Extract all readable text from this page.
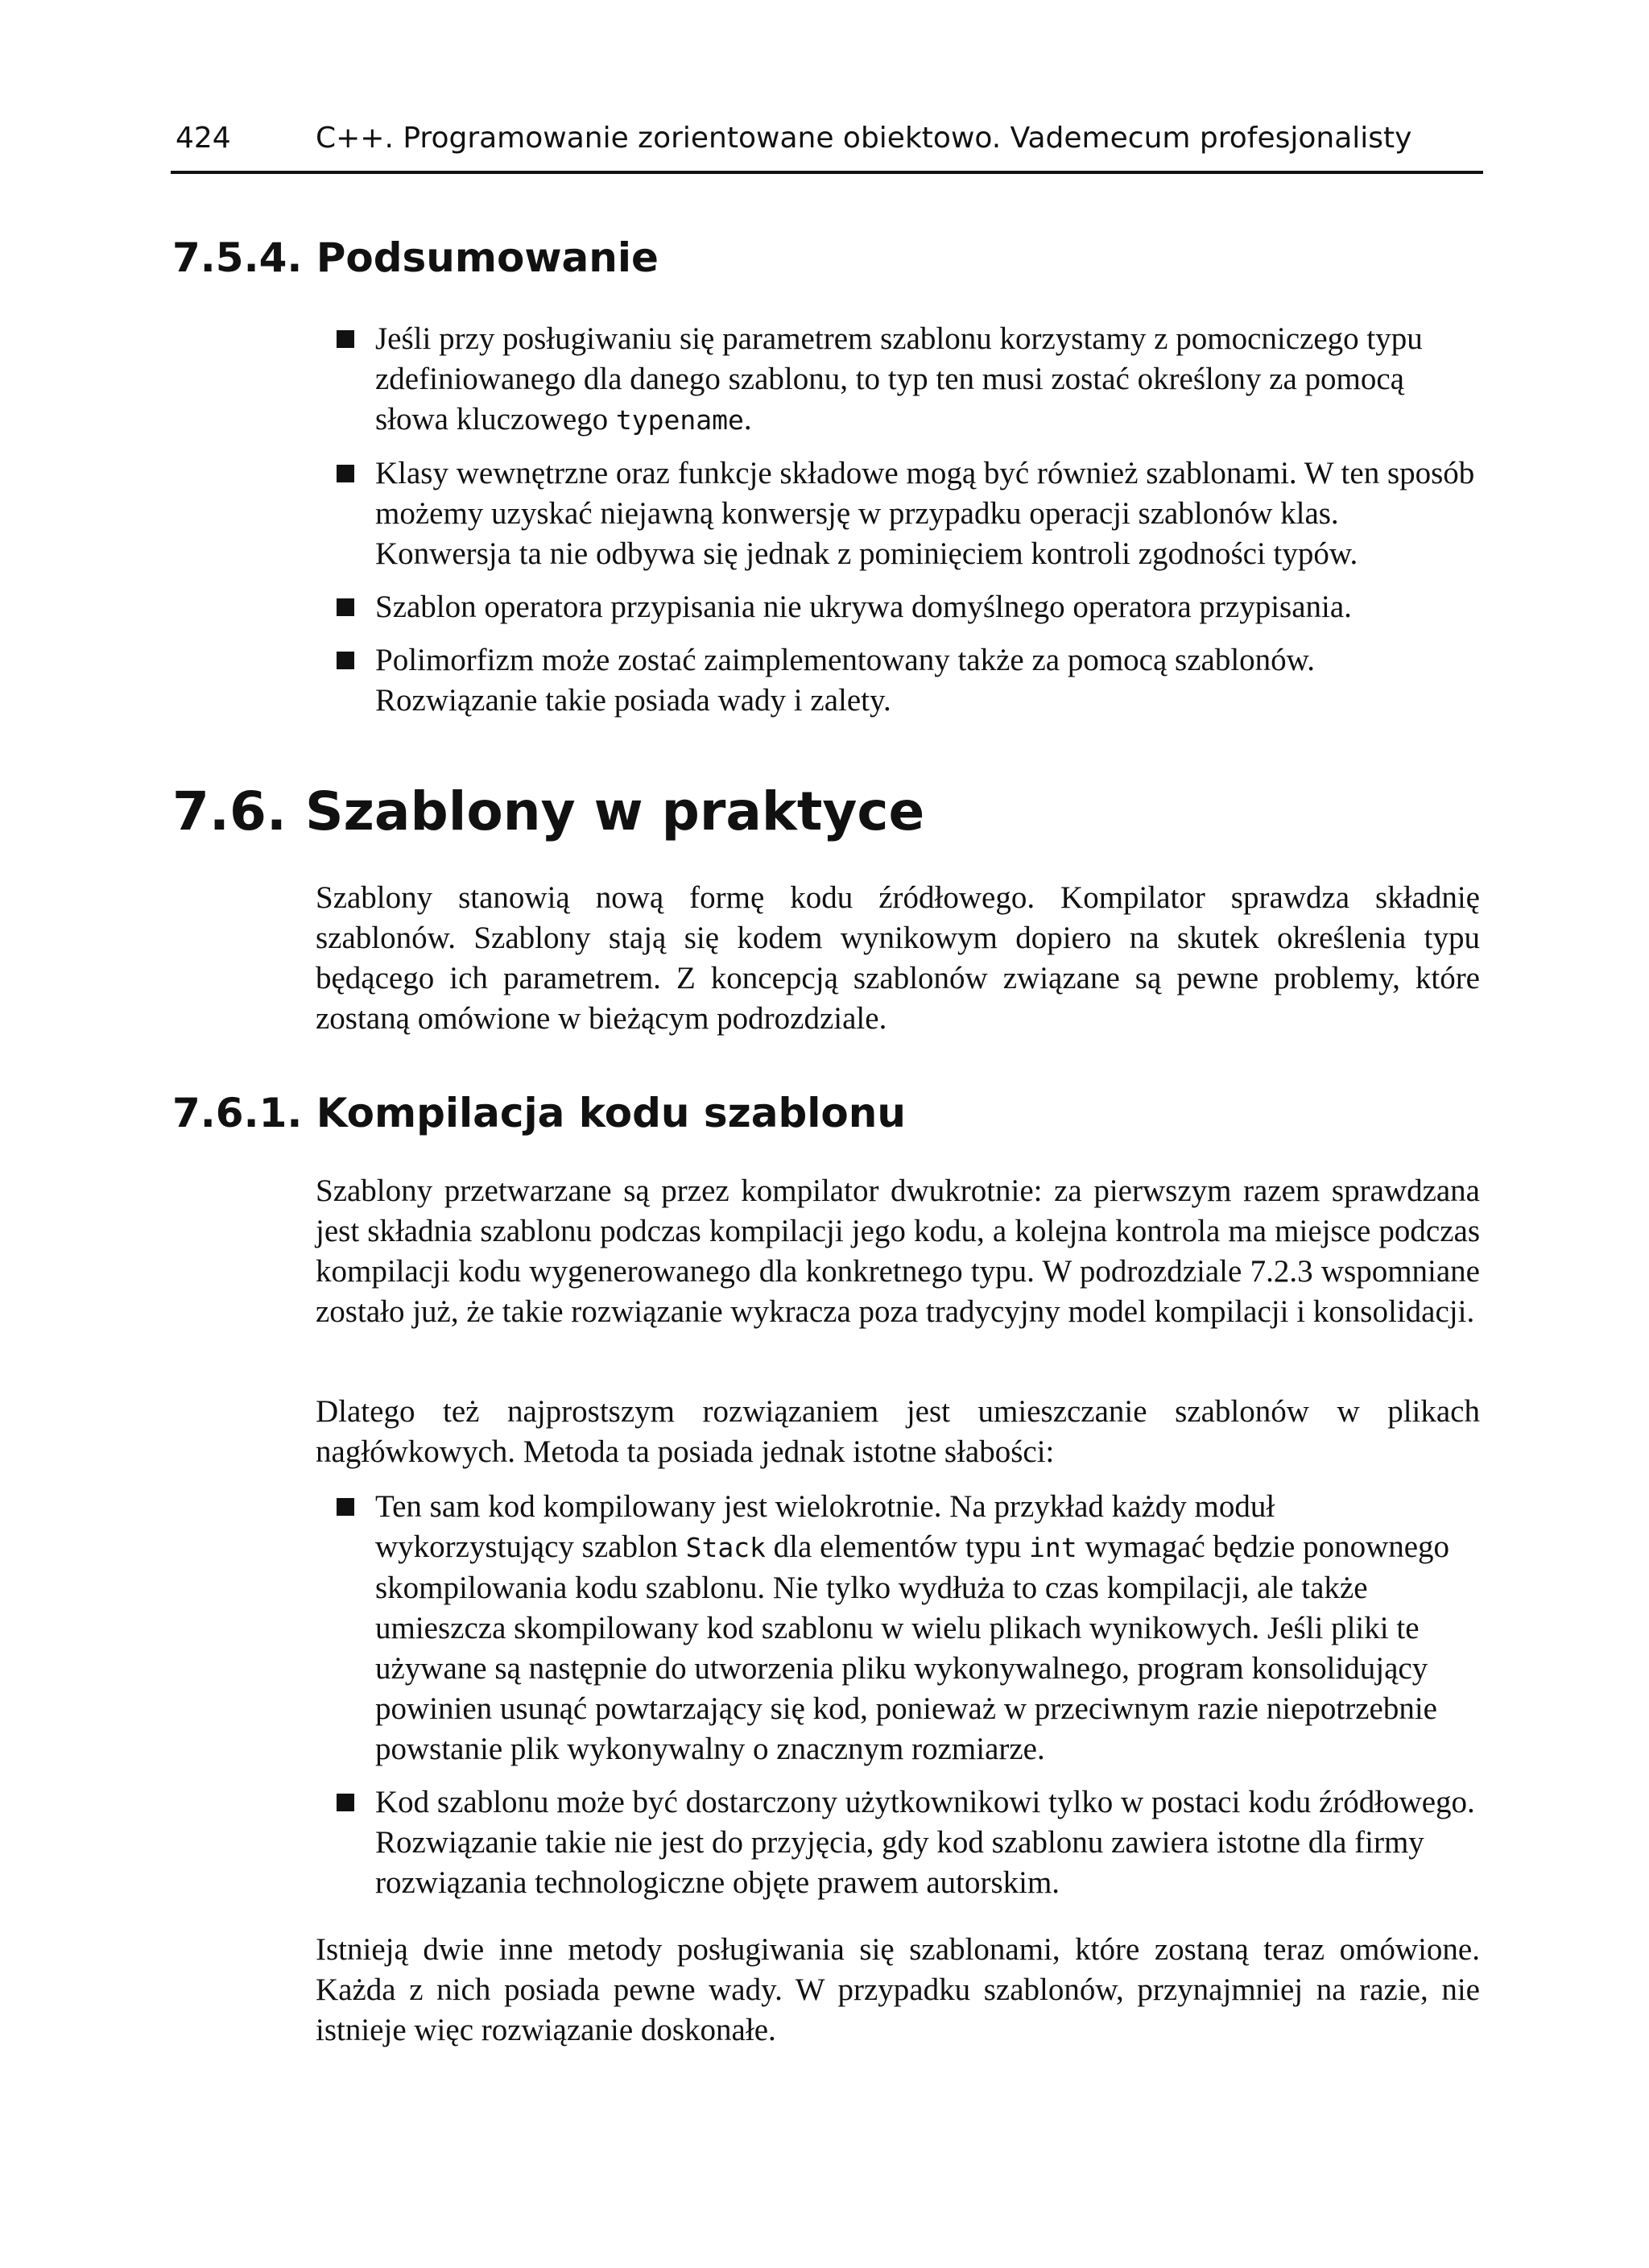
424	C++. Programowanie zorientowane obiektowo. Vademecum profesjonalisty
7.5.4. Podsumowanie
Jeśli przy posługiwaniu się parametrem szablonu korzystamy z pomocniczego typu zdefiniowanego dla danego szablonu, to typ ten musi zostać określony za pomocą słowa kluczowego typename.
Klasy wewnętrzne oraz funkcje składowe mogą być również szablonami. W ten sposób możemy uzyskać niejawną konwersję w przypadku operacji szablonów klas. Konwersja ta nie odbywa się jednak z pominięciem kontroli zgodności typów.
Szablon operatora przypisania nie ukrywa domyślnego operatora przypisania.
Polimorfizm może zostać zaimplementowany także za pomocą szablonów. Rozwiązanie takie posiada wady i zalety.
7.6. Szablony w praktyce

Szablony stanowią nową formę kodu źródłowego. Kompilator sprawdza składnię szablonów. Szablony stają się kodem wynikowym dopiero na skutek określenia typu będącego ich parametrem. Z koncepcją szablonów związane są pewne problemy, które zostaną omówione w bieżącym podrozdziale.

7.6.1. Kompilacja kodu szablonu

Szablony przetwarzane są przez kompilator dwukrotnie: za pierwszym razem sprawdzana jest składnia szablonu podczas kompilacji jego kodu, a kolejna kontrola ma miejsce podczas kompilacji kodu wygenerowanego dla konkretnego typu. W podrozdziale 7.2.3 wspomniane zostało już, że takie rozwiązanie wykracza poza tradycyjny model kompilacji i konsolidacji.

Dlatego też najprostszym rozwiązaniem jest umieszczanie szablonów w plikach nagłówkowych. Metoda ta posiada jednak istotne słabości:

Ten sam kod kompilowany jest wielokrotnie. Na przykład każdy moduł wykorzystujący szablon Stack dla elementów typu int wymagać będzie ponownego skompilowania kodu szablonu. Nie tylko wydłuża to czas kompilacji, ale także umieszcza skompilowany kod szablonu w wielu plikach wynikowych. Jeśli pliki te używane są następnie do utworzenia pliku wykonywalnego, program konsolidujący powinien usunąć powtarzający się kod, ponieważ w przeciwnym razie niepotrzebnie powstanie plik wykonywalny o znacznym rozmiarze.
Kod szablonu może być dostarczony użytkownikowi tylko w postaci kodu źródłowego. Rozwiązanie takie nie jest do przyjęcia, gdy kod szablonu zawiera istotne dla firmy rozwiązania technologiczne objęte prawem autorskim.

Istnieją dwie inne metody posługiwania się szablonami, które zostaną teraz omówione. Każda z nich posiada pewne wady. W przypadku szablonów, przynajmniej na razie, nie istnieje więc rozwiązanie doskonałe.
